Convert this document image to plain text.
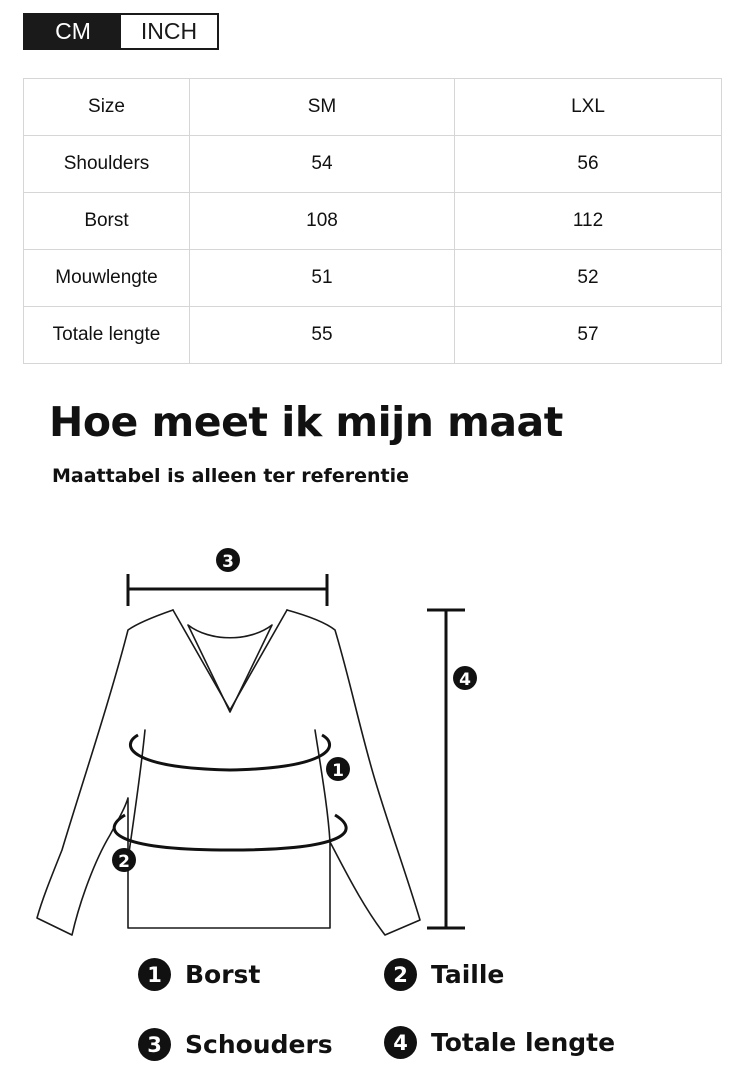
CM	INCH
Size	SM	LXL
Shoulders	54	56
Borst	108	112
Mouwlengte	51	52
Totale lengte	55	57
Hoe meet ik mijn maat

Maattabel is alleen ter referentie

3
4
1
2
1 Borst	2 Taille
3 Schouders	4 Totale lengte
